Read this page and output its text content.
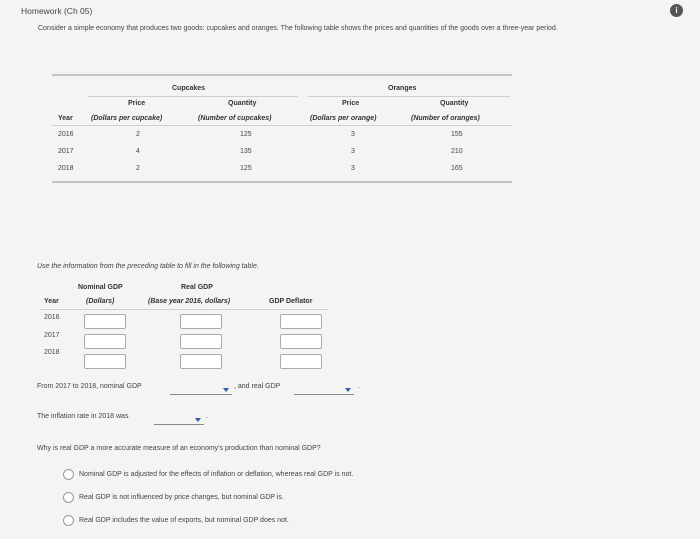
Homework (Ch 05)	i
Consider a simple economy that produces two goods: cupcakes and oranges. The following table shows the prices and quantities of the goods over a three-year period.
Cupcakes	Oranges
Price	Quantity	Price	Quantity
Year	(Dollars per cupcake)	(Number of cupcakes)	(Dollars per orange)	(Number of oranges)
2016	2	125	3	155
2017	4	135	3	210
2018	2	125	3	165
Use the information from the preceding table to fill in the following table.
Nominal GDP	Real GDP
Year	(Dollars)	(Base year 2016, dollars)	GDP Deflator
2016
2017
2018
From 2017 to 2018, nominal GDP	, and real GDP	.
The inflation rate in 2018 was	.
Why is real GDP a more accurate measure of an economy's production than nominal GDP?
Nominal GDP is adjusted for the effects of inflation or deflation, whereas real GDP is not.
Real GDP is not influenced by price changes, but nominal GDP is.
Real GDP includes the value of exports, but nominal GDP does not.
